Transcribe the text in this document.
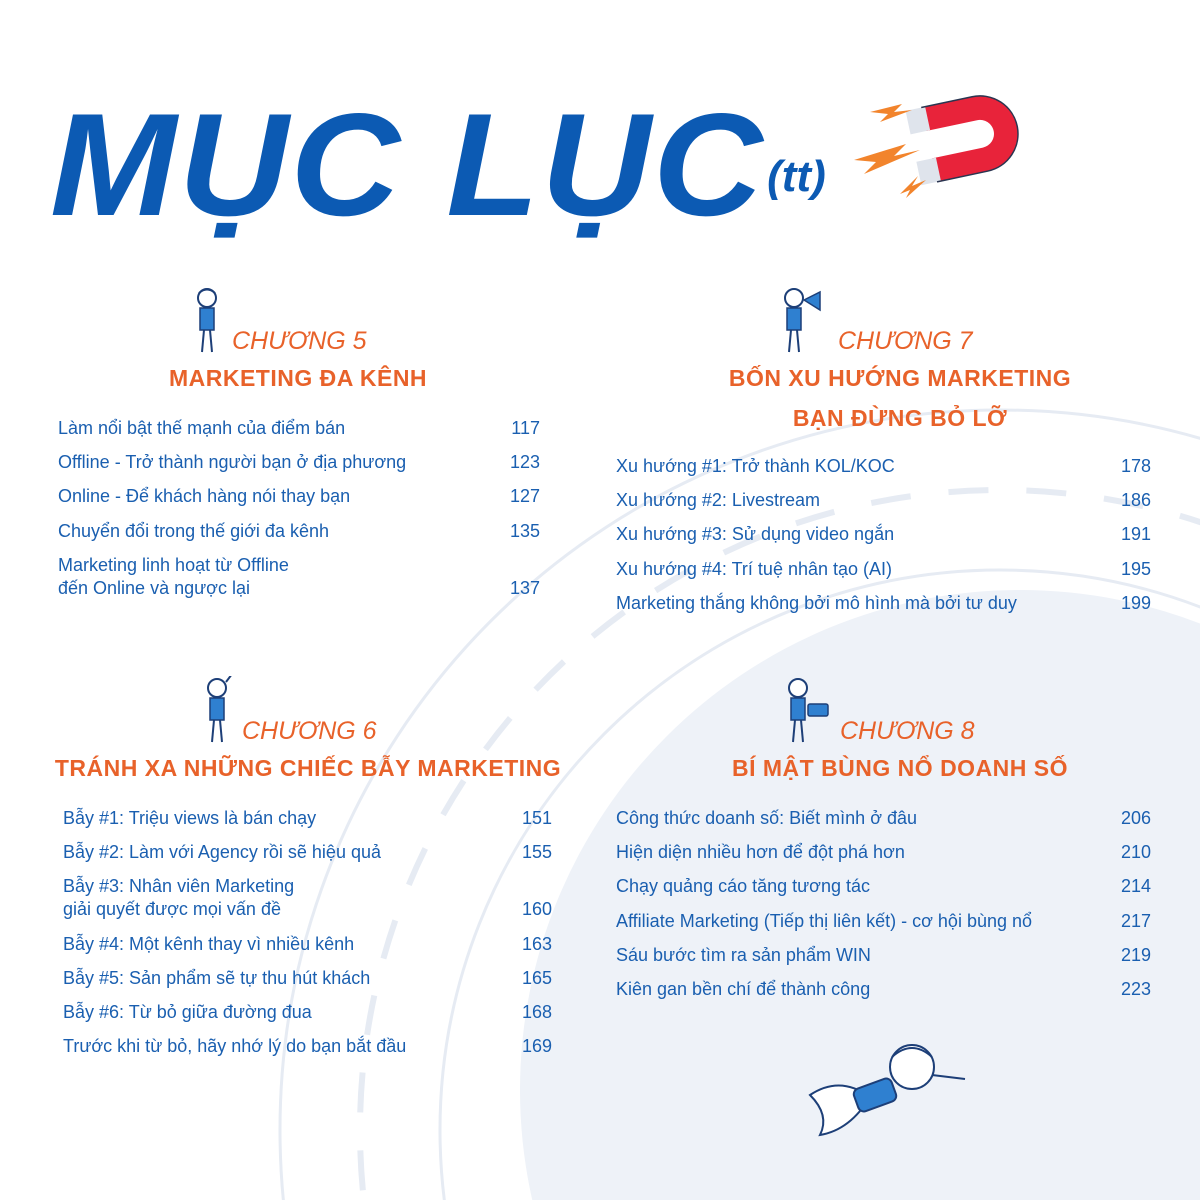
MỤC LỤC (tt)
CHƯƠNG 5
MARKETING ĐA KÊNH
Làm nổi bật thế mạnh của điểm bán	117
Offline - Trở thành người bạn ở địa phương	123
Online - Để khách hàng nói thay bạn	127
Chuyển đổi trong thế giới đa kênh	135
Marketing linh hoạt từ Offline
đến Online và ngược lại	137
CHƯƠNG 6
TRÁNH XA NHỮNG CHIẾC BẪY MARKETING
Bẫy #1: Triệu views là bán chạy	151
Bẫy #2: Làm với Agency rồi sẽ hiệu quả	155
Bẫy #3: Nhân viên Marketing
giải quyết được mọi vấn đề	160
Bẫy #4: Một kênh thay vì nhiều kênh	163
Bẫy #5: Sản phẩm sẽ tự thu hút khách	165
Bẫy #6: Từ bỏ giữa đường đua	168
Trước khi từ bỏ, hãy nhớ lý do bạn bắt đầu	169
CHƯƠNG 7
BỐN XU HƯỚNG MARKETING
BẠN ĐỪNG BỎ LỠ
Xu hướng #1: Trở thành KOL/KOC	178
Xu hướng #2: Livestream	186
Xu hướng #3: Sử dụng video ngắn	191
Xu hướng #4: Trí tuệ nhân tạo (AI)	195
Marketing thắng không bởi mô hình mà bởi tư duy	199
CHƯƠNG 8
BÍ MẬT BÙNG NỔ DOANH SỐ
Công thức doanh số: Biết mình ở đâu	206
Hiện diện nhiều hơn để đột phá hơn	210
Chạy quảng cáo tăng tương tác	214
Affiliate Marketing (Tiếp thị liên kết) - cơ hội bùng nổ	217
Sáu bước tìm ra sản phẩm WIN	219
Kiên gan bền chí để thành công	223
